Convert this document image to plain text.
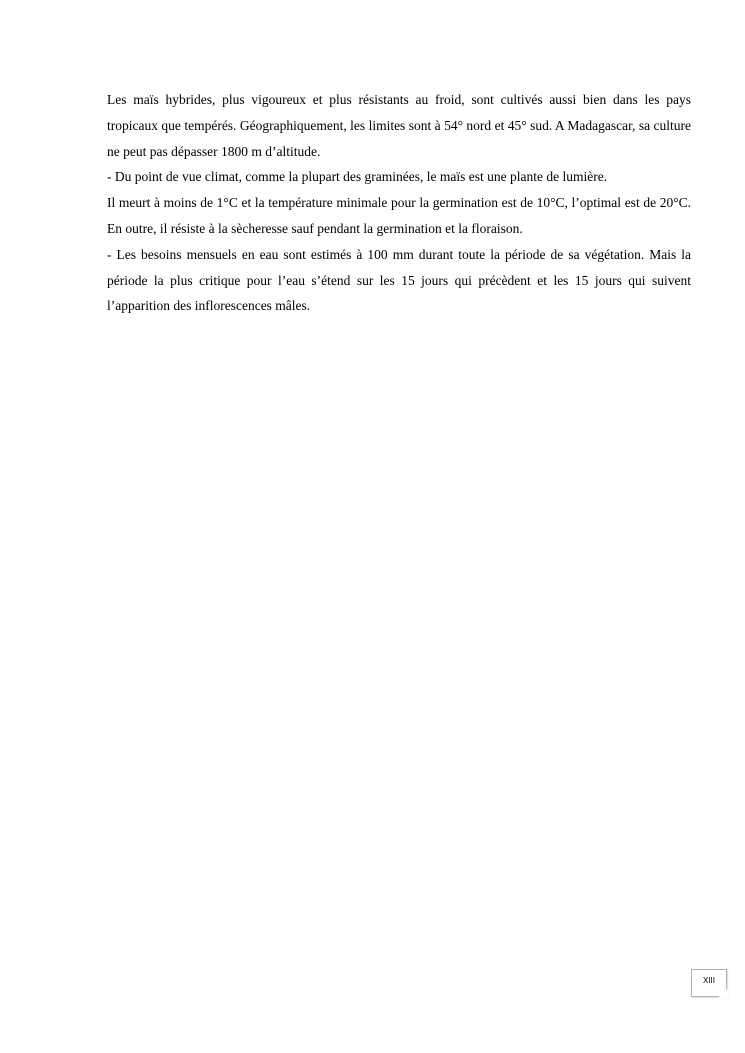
Les maïs hybrides, plus vigoureux et plus résistants au froid, sont cultivés aussi bien dans les pays tropicaux que tempérés. Géographiquement, les limites sont à 54° nord et 45° sud. A Madagascar, sa culture ne peut pas dépasser 1800 m d’altitude.

- Du point de vue climat, comme la plupart des graminées, le maïs est une plante de lumière.

Il meurt à moins de 1°C et la température minimale pour la germination est de 10°C, l’optimal est de 20°C. En outre, il résiste à la sècheresse sauf pendant la germination et la floraison.

- Les besoins mensuels en eau sont estimés à 100 mm durant toute la période de sa végétation. Mais la période la plus critique pour l’eau s’étend sur les 15 jours qui précèdent et les 15 jours qui suivent l’apparition des inflorescences mâles.

XIII
